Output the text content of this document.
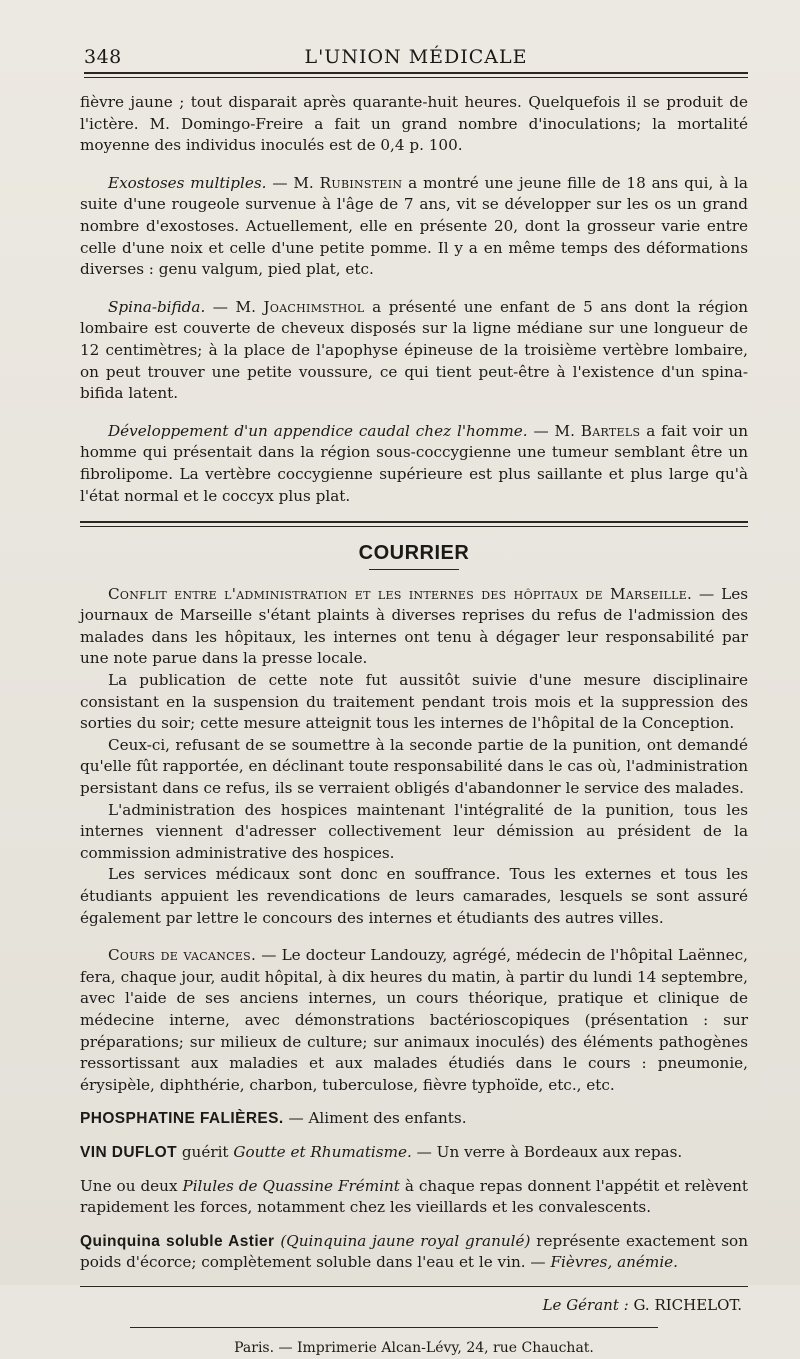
348	L'UNION MÉDICALE

fièvre jaune ; tout disparait après quarante-huit heures. Quelquefois il se produit de l'ictère. M. Domingo-Freire a fait un grand nombre d'inoculations; la mortalité moyenne des individus inoculés est de 0,4 p. 100.

Exostoses multiples. — M. Rubinstein a montré une jeune fille de 18 ans qui, à la suite d'une rougeole survenue à l'âge de 7 ans, vit se développer sur les os un grand nombre d'exostoses. Actuellement, elle en présente 20, dont la grosseur varie entre celle d'une noix et celle d'une petite pomme. Il y a en même temps des déformations diverses : genu valgum, pied plat, etc.

Spina-bifida. — M. Joachimsthol a présenté une enfant de 5 ans dont la région lombaire est couverte de cheveux disposés sur la ligne médiane sur une longueur de 12 centimètres; à la place de l'apophyse épineuse de la troisième vertèbre lombaire, on peut trouver une petite voussure, ce qui tient peut-être à l'existence d'un spina-bifida latent.

Développement d'un appendice caudal chez l'homme. — M. Bartels a fait voir un homme qui présentait dans la région sous-coccygienne une tumeur semblant être un fibrolipome. La vertèbre coccygienne supérieure est plus saillante et plus large qu'à l'état normal et le coccyx plus plat.

COURRIER

Conflit entre l'administration et les internes des hôpitaux de Marseille. — Les journaux de Marseille s'étant plaints à diverses reprises du refus de l'admission des malades dans les hôpitaux, les internes ont tenu à dégager leur responsabilité par une note parue dans la presse locale.

La publication de cette note fut aussitôt suivie d'une mesure disciplinaire consistant en la suspension du traitement pendant trois mois et la suppression des sorties du soir; cette mesure atteignit tous les internes de l'hôpital de la Conception.

Ceux-ci, refusant de se soumettre à la seconde partie de la punition, ont demandé qu'elle fût rapportée, en déclinant toute responsabilité dans le cas où, l'administration persistant dans ce refus, ils se verraient obligés d'abandonner le service des malades.

L'administration des hospices maintenant l'intégralité de la punition, tous les internes viennent d'adresser collectivement leur démission au président de la commission administrative des hospices.

Les services médicaux sont donc en souffrance. Tous les externes et tous les étudiants appuient les revendications de leurs camarades, lesquels se sont assuré également par lettre le concours des internes et étudiants des autres villes.

Cours de vacances. — Le docteur Landouzy, agrégé, médecin de l'hôpital Laënnec, fera, chaque jour, audit hôpital, à dix heures du matin, à partir du lundi 14 septembre, avec l'aide de ses anciens internes, un cours théorique, pratique et clinique de médecine interne, avec démonstrations bactérioscopiques (présentation : sur préparations; sur milieux de culture; sur animaux inoculés) des éléments pathogènes ressortissant aux maladies et aux malades étudiés dans le cours : pneumonie, érysipèle, diphthérie, charbon, tuberculose, fièvre typhoïde, etc., etc.

PHOSPHATINE FALIÈRES. — Aliment des enfants.

VIN DUFLOT guérit Goutte et Rhumatisme. — Un verre à Bordeaux aux repas.

Une ou deux Pilules de Quassine Frémint à chaque repas donnent l'appétit et relèvent rapidement les forces, notamment chez les vieillards et les convalescents.

Quinquina soluble Astier (Quinquina jaune royal granulé) représente exactement son poids d'écorce; complètement soluble dans l'eau et le vin. — Fièvres, anémie.

Le Gérant : G. RICHELOT.
Paris. — Imprimerie Alcan-Lévy, 24, rue Chauchat.
